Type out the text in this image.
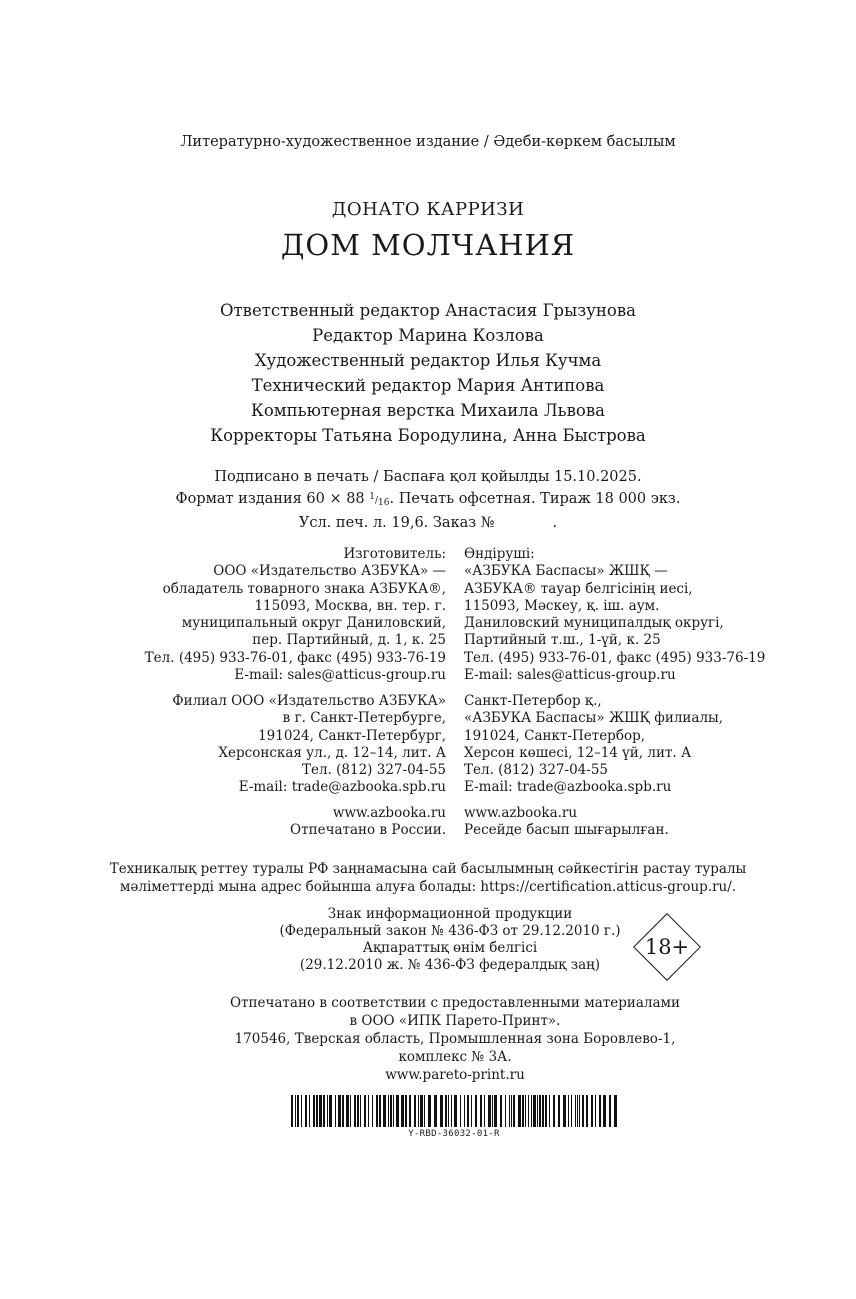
Литературно-художественное издание / Әдеби-көркем басылым
ДОНАТО КАРРИЗИ
ДОМ МОЛЧАНИЯ
Ответственный редактор Анастасия Грызунова
Редактор Марина Козлова
Художественный редактор Илья Кучма
Технический редактор Мария Антипова
Компьютерная верстка Михаила Львова
Корректоры Татьяна Бородулина, Анна Быстрова
Подписано в печать / Баспаға қол қойылды 15.10.2025.
Формат издания 60 × 88 $^1/_{16}$. Печать офсетная. Тираж 18 000 экз.
Усл. печ. л. 19,6. Заказ №	.
Изготовитель:
ООО «Издательство АЗБУКА» —
обладатель товарного знака АЗБУКА®,
115093, Москва, вн. тер. г.
муниципальный округ Даниловский,
пер. Партийный, д. 1, к. 25
Тел. (495) 933-76-01, факс (495) 933-76-19
E-mail: sales@atticus-group.ru
Өндіруші:
«АЗБУКА Баспасы» ЖШҚ —
АЗБУКА® тауар белгісінің иесі,
115093, Мәскеу, қ. іш. аум.
Даниловский муниципалдық округі,
Партийный т.ш., 1-үй, к. 25
Тел. (495) 933-76-01, факс (495) 933-76-19
E-mail: sales@atticus-group.ru
Филиал ООО «Издательство АЗБУКА»
в г. Санкт-Петербурге,
191024, Санкт-Петербург,
Херсонская ул., д. 12–14, лит. А
Тел. (812) 327-04-55
E-mail: trade@azbooka.spb.ru
Санкт-Петербор қ.,
«АЗБУКА Баспасы» ЖШҚ филиалы,
191024, Санкт-Петербор,
Херсон көшесі, 12–14 үй, лит. А
Тел. (812) 327-04-55
E-mail: trade@azbooka.spb.ru
www.azbooka.ru
Отпечатано в России.
www.azbooka.ru
Ресейде басып шығарылған.
Техникалық реттеу туралы РФ заңнамасына сай басылымның сәйкестігін растау туралы
мәліметтерді мына адрес бойынша алуға болады: https://certification.atticus-group.ru/.
Знак информационной продукции
(Федеральный закон № 436-ФЗ от 29.12.2010 г.)
Ақпараттық өнім белгісі
(29.12.2010 ж. № 436-ФЗ федералдық заң)
18+
Отпечатано в соответствии с предоставленными материалами
в ООО «ИПК Парето-Принт».
170546, Тверская область, Промышленная зона Боровлево-1,
комплекс № 3А.
www.pareto-print.ru
Y-RBD-36032-01-R
